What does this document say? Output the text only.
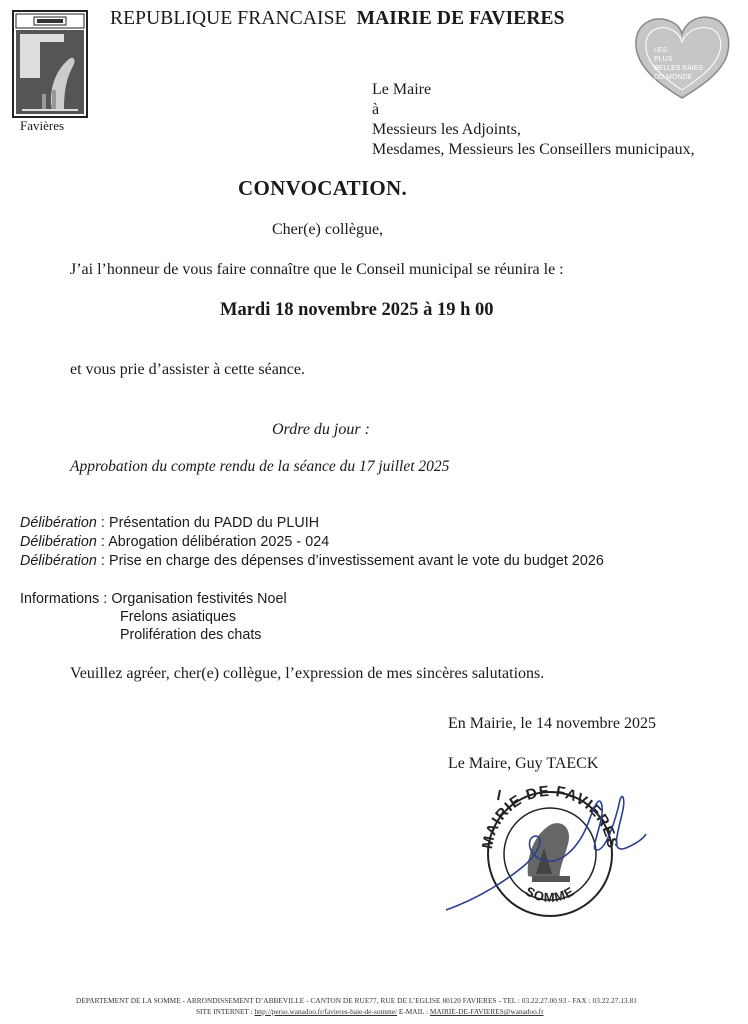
Favières
REPUBLIQUE FRANCAISE MAIRIE DE FAVIERES
LES
PLUS
BELLES BAIES
DU MONDE
Le Maire
à
Messieurs les Adjoints,
Mesdames, Messieurs les Conseillers municipaux,
CONVOCATION.
Cher(e) collègue,
J’ai l’honneur de vous faire connaître que le Conseil municipal se réunira le :
Mardi 18 novembre 2025 à 19 h 00
et vous prie d’assister à cette séance.
Ordre du jour :
Approbation du compte rendu de la séance du 17 juillet 2025
Délibération : Présentation du PADD du PLUIH
Délibération : Abrogation délibération 2025 - 024
Délibération : Prise en charge des dépenses d’investissement avant le vote du budget 2026
Informations : Organisation festivités Noel
Frelons asiatiques
Prolifération des chats
Veuillez agréer, cher(e) collègue, l’expression de mes sincères salutations.
En Mairie, le 14 novembre 2025
Le Maire, Guy TAECK
MAIRIE DE FAVIERES
SOMME
DEPARTEMENT DE LA SOMME - ARRONDISSEMENT D’ABBEVILLE - CANTON DE RUE77, RUE DE L’EGLISE 80120 FAVIERES - TEL : 03.22.27.00.93 - FAX : 03.22.27.13.81
SITE INTERNET : http://perso.wanadoo.fr/favieres-baie-de-somme/ E-MAIL : MAIRIE-DE-FAVIERES@wanadoo.fr
